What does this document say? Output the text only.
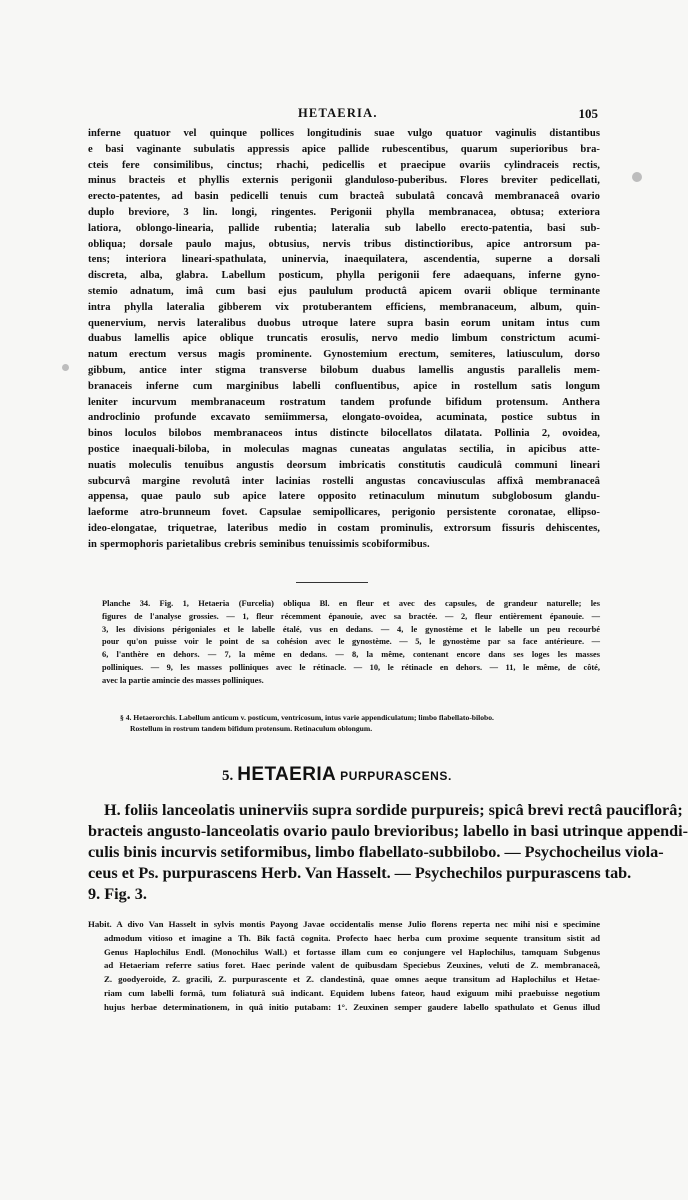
HETAERIA.	105
inferne quatuor vel quinque pollices longitudinis suae vulgo quatuor vaginulis distantibus
e basi vaginante subulatis appressis apice pallide rubescentibus, quarum superioribus bra-
cteis fere consimilibus, cinctus; rhachi, pedicellis et praecipue ovariis cylindraceis rectis,
minus bracteis et phyllis externis perigonii glanduloso-puberibus. Flores breviter pedicellati,
erecto-patentes, ad basin pedicelli tenuis cum bracteâ subulatâ concavâ membranaceâ ovario
duplo breviore, 3 lin. longi, ringentes. Perigonii phylla membranacea, obtusa; exteriora
latiora, oblongo-linearia, pallide rubentia; lateralia sub labello erecto-patentia, basi sub-
obliqua; dorsale paulo majus, obtusius, nervis tribus distinctioribus, apice antrorsum pa-
tens; interiora lineari-spathulata, uninervia, inaequilatera, ascendentia, superne a dorsali
discreta, alba, glabra. Labellum posticum, phylla perigonii fere adaequans, inferne gyno-
stemio adnatum, imâ cum basi ejus paululum productâ apicem ovarii oblique terminante
intra phylla lateralia gibberem vix protuberantem efficiens, membranaceum, album, quin-
quenervium, nervis lateralibus duobus utroque latere supra basin eorum unitam intus cum
duabus lamellis apice oblique truncatis erosulis, nervo medio limbum constrictum acumi-
natum erectum versus magis prominente. Gynostemium erectum, semiteres, latiusculum, dorso
gibbum, antice inter stigma transverse bilobum duabus lamellis angustis parallelis mem-
branaceis inferne cum marginibus labelli confluentibus, apice in rostellum satis longum
leniter incurvum membranaceum rostratum tandem profunde bifidum protensum. Anthera
androclinio profunde excavato semiimmersa, elongato-ovoidea, acuminata, postice subtus in
binos loculos bilobos membranaceos intus distincte bilocellatos dilatata. Pollinia 2, ovoidea,
postice inaequali-biloba, in moleculas magnas cuneatas angulatas sectilia, in apicibus atte-
nuatis moleculis tenuibus angustis deorsum imbricatis constitutis caudiculâ communi lineari
subcurvâ margine revolutâ inter lacinias rostelli angustas concaviusculas affixâ membranaceâ
appensa, quae paulo sub apice latere opposito retinaculum minutum subglobosum glandu-
laeforme atro-brunneum fovet. Capsulae semipollicares, perigonio persistente coronatae, ellipso-
ideo-elongatae, triquetrae, lateribus medio in costam prominulis, extrorsum fissuris dehiscentes,
in spermophoris parietalibus crebris seminibus tenuissimis scobiformibus.
Planche 34. Fig. 1, Hetaeria (Furcelia) obliqua Bl. en fleur et avec des capsules, de grandeur naturelle; les
figures de l'analyse grossies. — 1, fleur récemment épanouie, avec sa bractée. — 2, fleur entièrement épanouie. —
3, les divisions périgoniales et le labelle étalé, vus en dedans. — 4, le gynostème et le labelle un peu recourbé
pour qu'on puisse voir le point de sa cohésion avec le gynostème. — 5, le gynostème par sa face antérieure. —
6, l'anthère en dehors. — 7, la même en dedans. — 8, la même, contenant encore dans ses loges les masses
polliniques. — 9, les masses polliniques avec le rétinacle. — 10, le rétinacle en dehors. — 11, le même, de côté,
avec la partie amincie des masses polliniques.
§ 4. Hetaerorchis. Labellum anticum v. posticum, ventricosum, intus varie appendiculatum; limbo flabellato-bilobo.
Rostellum in rostrum tandem bifidum protensum. Retinaculum oblongum.
5. HETAERIA PURPURASCENS.
H. foliis lanceolatis uninerviis supra sordide purpureis; spicâ brevi rectâ pauciflorâ;
bracteis angusto-lanceolatis ovario paulo brevioribus; labello in basi utrinque appendi-
culis binis incurvis setiformibus, limbo flabellato-subbilobo. — Psychocheilus viola-
ceus et Ps. purpurascens Herb. Van Hasselt. — Psychechilos purpurascens tab.
9. Fig. 3.
Habit. A divo Van Hasselt in sylvis montis Payong Javae occidentalis mense Julio florens reperta nec mihi nisi e specimine
admodum vitioso et imagine a Th. Bik factâ cognita. Profecto haec herba cum proxime sequente transitum sistit ad
Genus Haplochilus Endl. (Monochilus Wall.) et fortasse illam cum eo conjungere vel Haplochilus, tamquam Subgenus
ad Hetaeriam referre satius foret. Haec perinde valent de quibusdam Speciebus Zeuxines, veluti de Z. membranaceâ,
Z. goodyeroide, Z. gracili, Z. purpurascente et Z. clandestinâ, quae omnes aeque transitum ad Haplochilus et Hetae-
riam cum labelli formâ, tum foliaturâ suâ indicant. Equidem lubens fateor, haud exiguum mihi praebuisse negotium
hujus herbae determinationem, in quâ initio putabam: 1°. Zeuxinen semper gaudere labello spathulato et Genus illud
